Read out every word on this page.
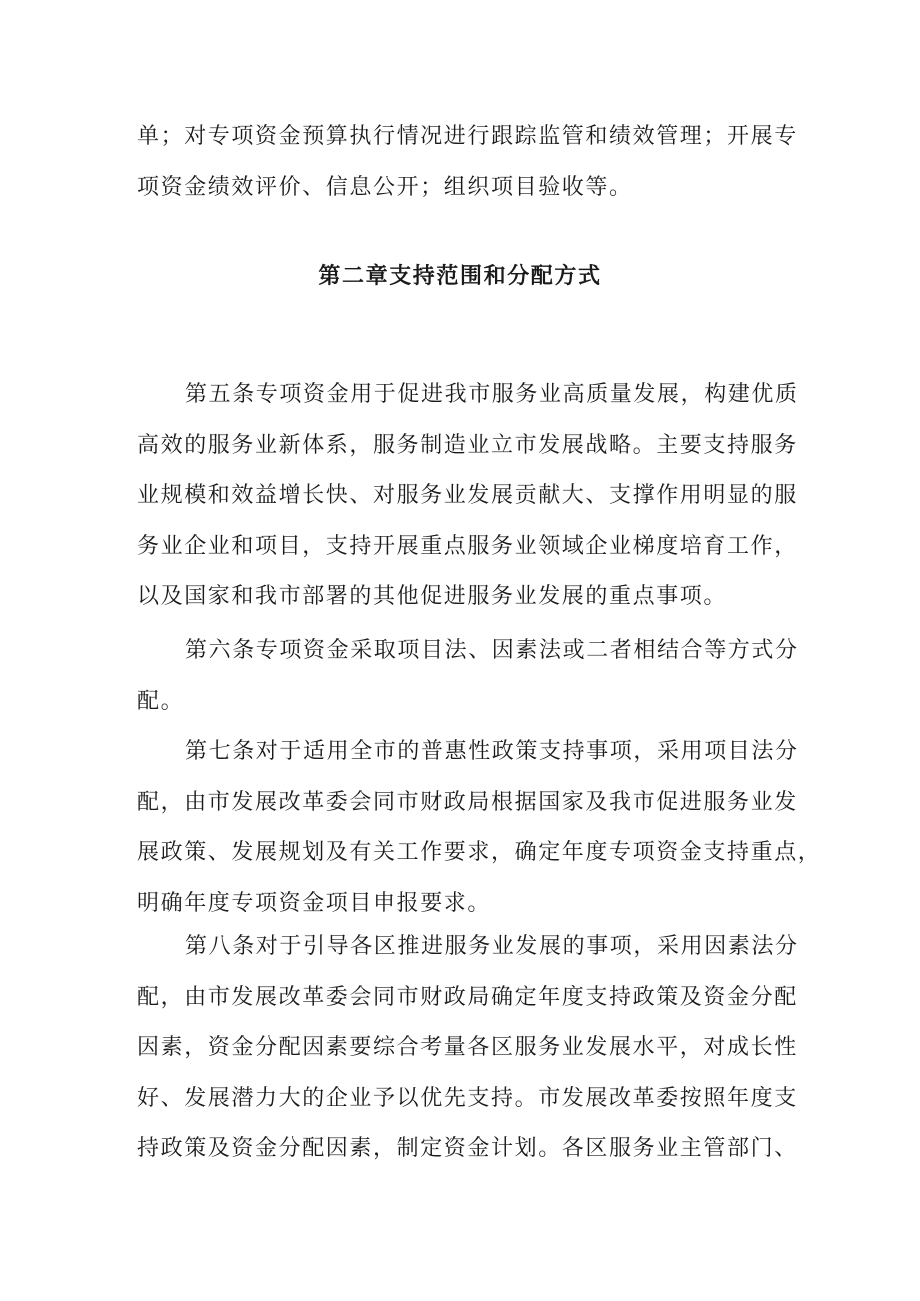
单；对专项资金预算执行情况进行跟踪监管和绩效管理；开展专
项资金绩效评价、信息公开；组织项目验收等。
第二章支持范围和分配方式
第五条专项资金用于促进我市服务业高质量发展，构建优质
高效的服务业新体系，服务制造业立市发展战略。主要支持服务
业规模和效益增长快、对服务业发展贡献大、支撑作用明显的服
务业企业和项目，支持开展重点服务业领域企业梯度培育工作，
以及国家和我市部署的其他促进服务业发展的重点事项。
第六条专项资金采取项目法、因素法或二者相结合等方式分
配。
第七条对于适用全市的普惠性政策支持事项，采用项目法分
配，由市发展改革委会同市财政局根据国家及我市促进服务业发
展政策、发展规划及有关工作要求，确定年度专项资金支持重点，
明确年度专项资金项目申报要求。
第八条对于引导各区推进服务业发展的事项，采用因素法分
配，由市发展改革委会同市财政局确定年度支持政策及资金分配
因素，资金分配因素要综合考量各区服务业发展水平，对成长性
好、发展潜力大的企业予以优先支持。市发展改革委按照年度支
持政策及资金分配因素，制定资金计划。各区服务业主管部门、
